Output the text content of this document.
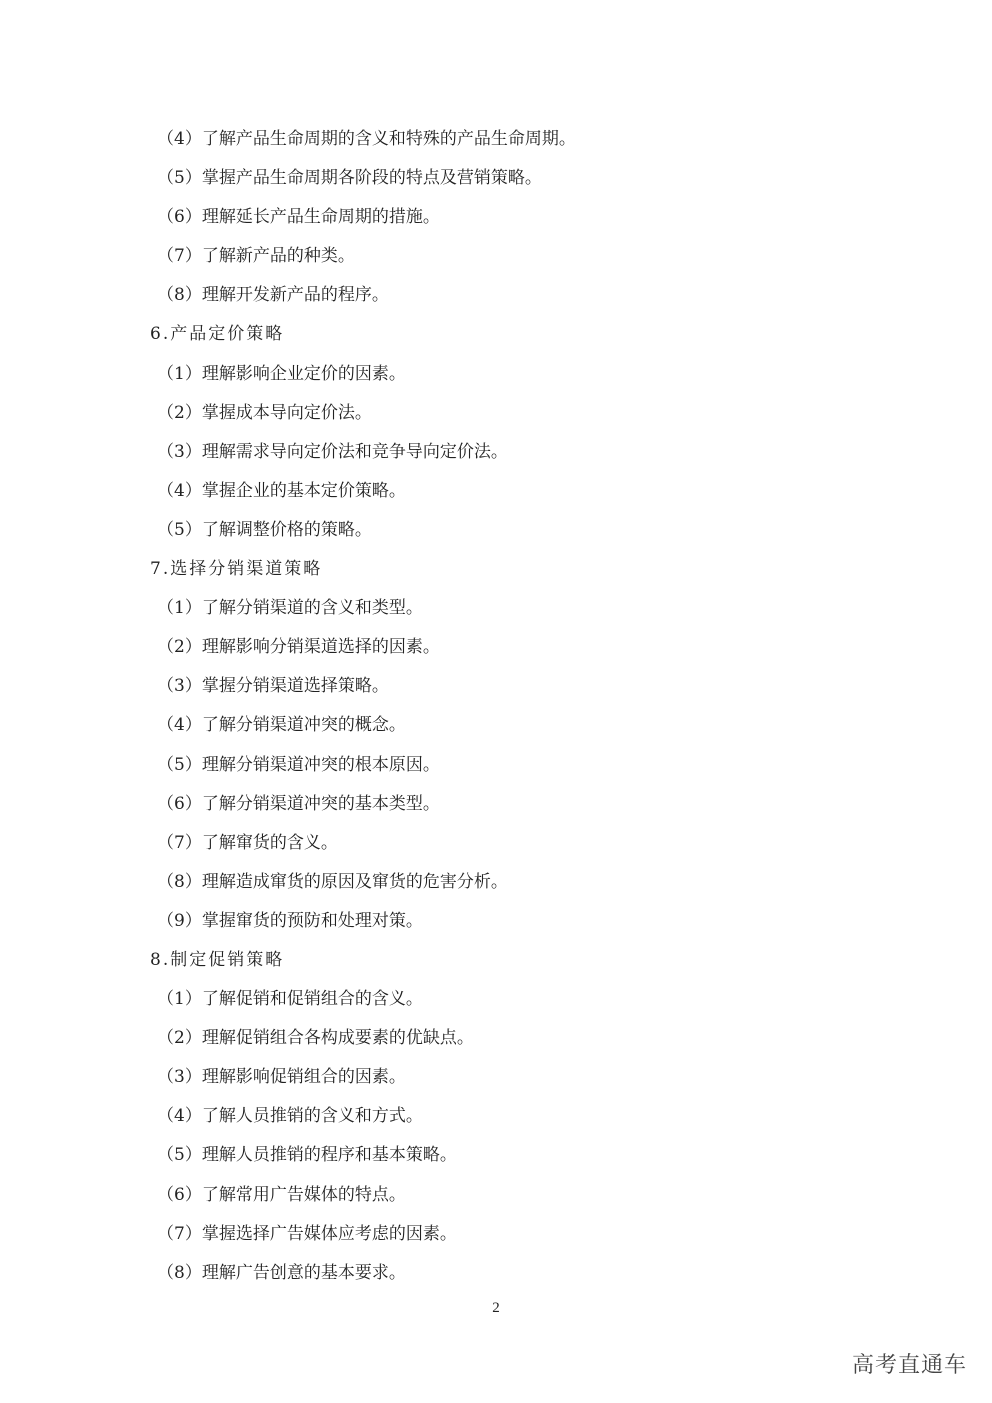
（4）了解产品生命周期的含义和特殊的产品生命周期。
（5）掌握产品生命周期各阶段的特点及营销策略。
（6）理解延长产品生命周期的措施。
（7）了解新产品的种类。
（8）理解开发新产品的程序。
6.产品定价策略
（1）理解影响企业定价的因素。
（2）掌握成本导向定价法。
（3）理解需求导向定价法和竞争导向定价法。
（4）掌握企业的基本定价策略。
（5）了解调整价格的策略。
7.选择分销渠道策略
（1）了解分销渠道的含义和类型。
（2）理解影响分销渠道选择的因素。
（3）掌握分销渠道选择策略。
（4）了解分销渠道冲突的概念。
（5）理解分销渠道冲突的根本原因。
（6）了解分销渠道冲突的基本类型。
（7）了解窜货的含义。
（8）理解造成窜货的原因及窜货的危害分析。
（9）掌握窜货的预防和处理对策。
8.制定促销策略
（1）了解促销和促销组合的含义。
（2）理解促销组合各构成要素的优缺点。
（3）理解影响促销组合的因素。
（4）了解人员推销的含义和方式。
（5）理解人员推销的程序和基本策略。
（6）了解常用广告媒体的特点。
（7）掌握选择广告媒体应考虑的因素。
（8）理解广告创意的基本要求。
2
高考直通车
